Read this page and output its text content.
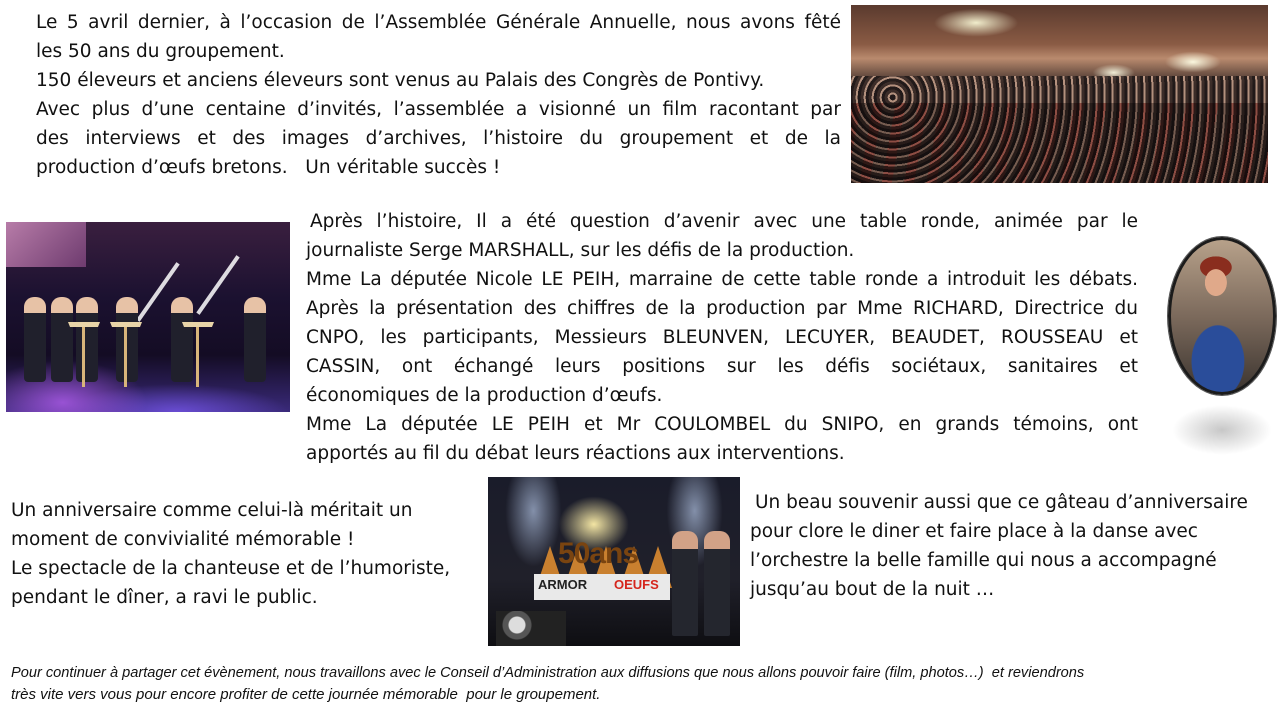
Le 5 avril dernier, à l’occasion de l’Assemblée Générale Annuelle, nous avons fêté
les 50 ans du groupement.
150 éleveurs et anciens éleveurs sont venus au Palais des Congrès de Pontivy.
Avec plus d’une centaine d’invités, l’assemblée a visionné un film racontant par
des interviews et des images d’archives, l’histoire du groupement et de la
production d’œufs bretons.   Un véritable succès !
Après l’histoire, Il a été question d’avenir avec une table ronde, animée par le
journaliste Serge MARSHALL, sur les défis de la production.
Mme La députée Nicole LE PEIH, marraine de cette table ronde a introduit les débats.
Après la présentation des chiffres de la production par Mme RICHARD, Directrice du
CNPO, les participants, Messieurs BLEUNVEN, LECUYER, BEAUDET, ROUSSEAU et
CASSIN, ont échangé leurs positions sur les défis sociétaux, sanitaires et
économiques de la production d’œufs.
Mme La députée LE PEIH et Mr COULOMBEL du SNIPO, en grands témoins, ont
apportés au fil du débat leurs réactions aux interventions.
Un anniversaire comme celui-là méritait un
moment de convivialité mémorable !
Le spectacle de la chanteuse et de l’humoriste,
pendant le dîner, a ravi le public.
50ans
ARMOR OEUFS
Un beau souvenir aussi que ce gâteau d’anniversaire
pour clore le diner et faire place à la danse avec
l’orchestre la belle famille qui nous a accompagné
jusqu’au bout de la nuit …
Pour continuer à partager cet évènement, nous travaillons avec le Conseil d’Administration aux diffusions que nous allons pouvoir faire (film, photos…)  et reviendrons
très vite vers vous pour encore profiter de cette journée mémorable  pour le groupement.
